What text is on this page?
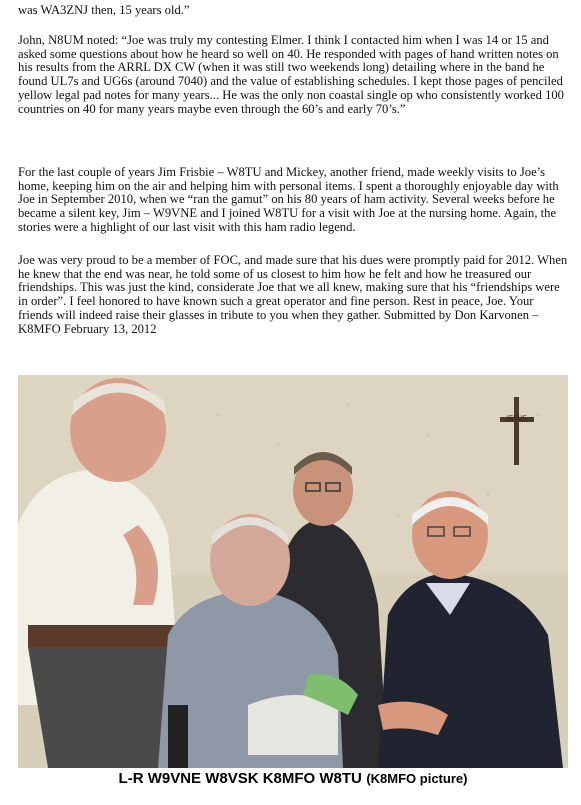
was WA3ZNJ then, 15 years old.”

John, N8UM noted: “Joe was truly my contesting Elmer. I think I contacted him when I was 14 or 15 and asked some questions about how he heard so well on 40. He responded with pages of hand written notes on his results from the ARRL DX CW (when it was still two weekends long) detailing where in the band he found UL7s and UG6s (around 7040) and the value of establishing schedules. I kept those pages of penciled yellow legal pad notes for many years... He was the only non coastal single op who consistently worked 100 countries on 40 for many years maybe even through the 60’s and early 70’s.”

For the last couple of years Jim Frisbie – W8TU and Mickey, another friend, made weekly visits to Joe’s home, keeping him on the air and helping him with personal items. I spent a thoroughly enjoyable day with Joe in September 2010, when we “ran the gamut” on his 80 years of ham activity. Several weeks before he became a silent key, Jim – W9VNE and I joined W8TU for a visit with Joe at the nursing home. Again, the stories were a highlight of our last visit with this ham radio legend.

Joe was very proud to be a member of FOC, and made sure that his dues were promptly paid for 2012. When he knew that the end was near, he told some of us closest to him how he felt and how he treasured our friendships. This was just the kind, considerate Joe that we all knew, making sure that his “friendships were in order”. I feel honored to have known such a great operator and fine person. Rest in peace, Joe. Your friends will indeed raise their glasses in tribute to you when they gather. Submitted by Don Karvonen – K8MFO February 13, 2012

JESUS
L-R W9VNE W8VSK K8MFO W8TU (K8MFO picture)
